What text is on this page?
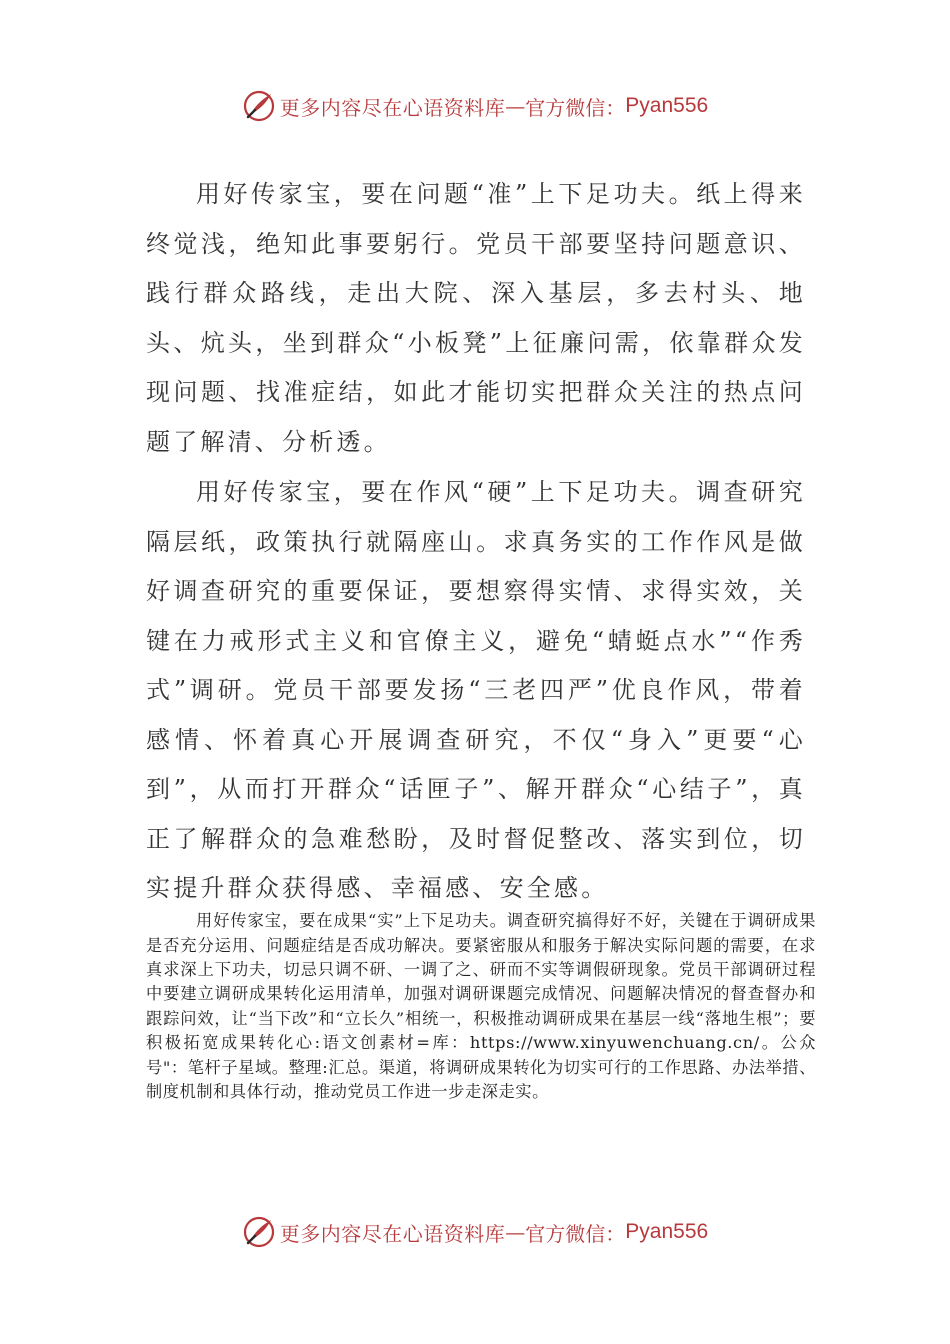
更多内容尽在心语资料库 — 官方微信： Pyan556

用好传家宝，要在问题“准”上下足功夫。纸上得来终觉浅，绝知此事要躬行。党员干部要坚持问题意识、践行群众路线，走出大院、深入基层，多去村头、地头、炕头，坐到群众“小板凳”上征廉问需，依靠群众发现问题、找准症结，如此才能切实把群众关注的热点问题了解清、分析透。

用好传家宝，要在作风“硬”上下足功夫。调查研究隔层纸，政策执行就隔座山。求真务实的工作作风是做好调查研究的重要保证，要想察得实情、求得实效，关键在力戒形式主义和官僚主义，避免“蜻蜓点水”“作秀式”调研。党员干部要发扬“三老四严”优良作风，带着感情、怀着真心开展调查研究，不仅“身入”更要“心到”，从而打开群众“话匣子”、解开群众“心结子”，真正了解群众的急难愁盼，及时督促整改、落实到位，切实提升群众获得感、幸福感、安全感。

用好传家宝，要在成果“实”上下足功夫。调查研究搞得好不好，关键在于调研成果是否充分运用、问题症结是否成功解决。要紧密服从和服务于解决实际问题的需要，在求真求深上下功夫，切忌只调不研、一调了之、研而不实等调假研现象。党员干部调研过程中要建立调研成果转化运用清单，加强对调研课题完成情况、问题解决情况的督查督办和跟踪问效，让“当下改”和“立长久”相统一，积极推动调研成果在基层一线“落地生根”；要积极拓宽成果转化心:语文创素材=库：https://www.xinyuwenchuang.cn/。公众号"：笔杆子星域。整理:汇总。渠道，将调研成果转化为切实可行的工作思路、办法举措、制度机制和具体行动，推动党员工作进一步走深走实。

更多内容尽在心语资料库 — 官方微信： Pyan556
